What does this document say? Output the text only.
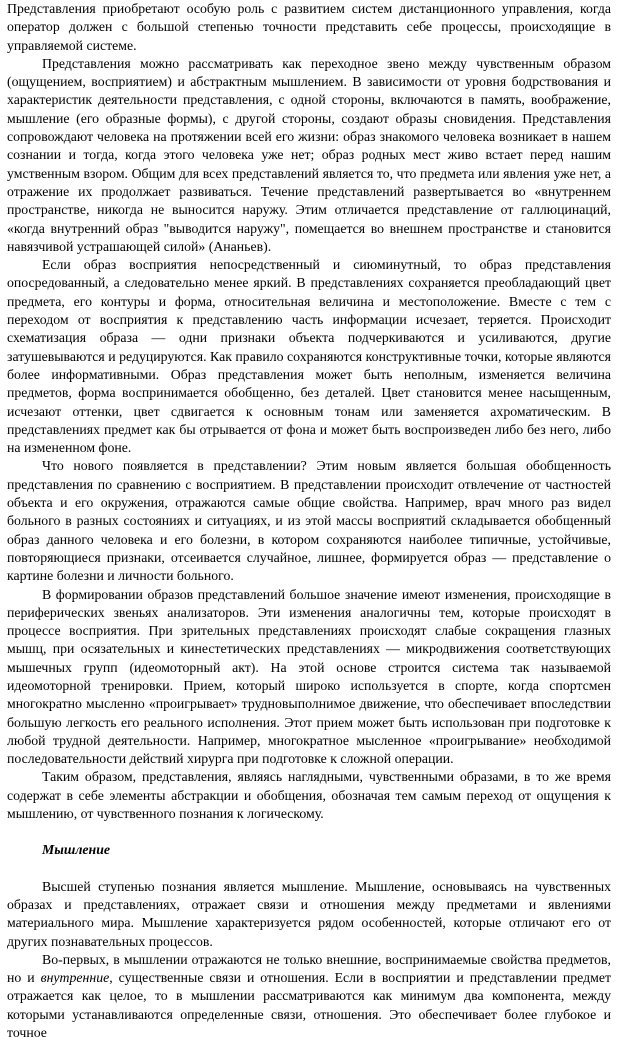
Представления приобретают особую роль с развитием систем дистанционного управления, когда оператор должен с большой степенью точности представить себе процессы, происходящие в управляемой системе.

Представления можно рассматривать как переходное звено между чувственным образом (ощущением, восприятием) и абстрактным мышлением. В зависимости от уровня бодрствования и характеристик деятельности представления, с одной стороны, включаются в память, воображение, мышление (его образные формы), с другой стороны, создают образы сновидения. Представления сопровождают человека на протяжении всей его жизни: образ знакомого человека возникает в нашем сознании и тогда, когда этого человека уже нет; образ родных мест живо встает перед нашим умственным взором. Общим для всех представлений является то, что предмета или явления уже нет, а отражение их продолжает развиваться. Течение представлений развертывается во «внутреннем пространстве, никогда не выносится наружу. Этим отличается представление от галлюцинаций, «когда внутренний образ "выводится наружу", помещается во внешнем пространстве и становится навязчивой устрашающей силой» (Ананьев).

Если образ восприятия непосредственный и сиюминутный, то образ представления опосредованный, а следовательно менее яркий. В представлениях сохраняется преобладающий цвет предмета, его контуры и форма, относительная величина и местоположение. Вместе с тем с переходом от восприятия к представлению часть информации исчезает, теряется. Происходит схематизация образа — одни признаки объекта подчеркиваются и усиливаются, другие затушевываются и редуцируются. Как правило сохраняются конструктивные точки, которые являются более информативными. Образ представления может быть неполным, изменяется величина предметов, форма воспринимается обобщенно, без деталей. Цвет становится менее насыщенным, исчезают оттенки, цвет сдвигается к основным тонам или заменяется ахроматическим. В представлениях предмет как бы отрывается от фона и может быть воспроизведен либо без него, либо на измененном фоне.

Что нового появляется в представлении? Этим новым является большая обобщенность представления по сравнению с восприятием. В представлении происходит отвлечение от частностей объекта и его окружения, отражаются самые общие свойства. Например, врач много раз видел больного в разных состояниях и ситуациях, и из этой массы восприятий складывается обобщенный образ данного человека и его болезни, в котором сохраняются наиболее типичные, устойчивые, повторяющиеся признаки, отсеивается случайное, лишнее, формируется образ — представление о картине болезни и личности больного.

В формировании образов представлений большое значение имеют изменения, происходящие в периферических звеньях анализаторов. Эти изменения аналогичны тем, которые происходят в процессе восприятия. При зрительных представлениях происходят слабые сокращения глазных мышц, при осязательных и кинестетических представлениях — микродвижения соответствующих мышечных групп (идеомоторный акт). На этой основе строится система так называемой идеомоторной тренировки. Прием, который широко используется в спорте, когда спортсмен многократно мысленно «проигрывает» трудновыполнимое движение, что обеспечивает впоследствии большую легкость его реального исполнения. Этот прием может быть использован при подготовке к любой трудной деятельности. Например, многократное мысленное «проигрывание» необходимой последовательности действий хирурга при подготовке к сложной операции.

Таким образом, представления, являясь наглядными, чувственными образами, в то же время содержат в себе элементы абстракции и обобщения, обозначая тем самым переход от ощущения к мышлению, от чувственного познания к логическому.

Мышление

Высшей ступенью познания является мышление. Мышление, основываясь на чувственных образах и представлениях, отражает связи и отношения между предметами и явлениями материального мира. Мышление характеризуется рядом особенностей, которые отличают его от других познавательных процессов.

Во-первых, в мышлении отражаются не только внешние, воспринимаемые свойства предметов, но и внутренние, существенные связи и отношения. Если в восприятии и представлении предмет отражается как целое, то в мышлении рассматриваются как минимум два компонента, между которыми устанавливаются определенные связи, отношения. Это обеспечивает более глубокое и точное
